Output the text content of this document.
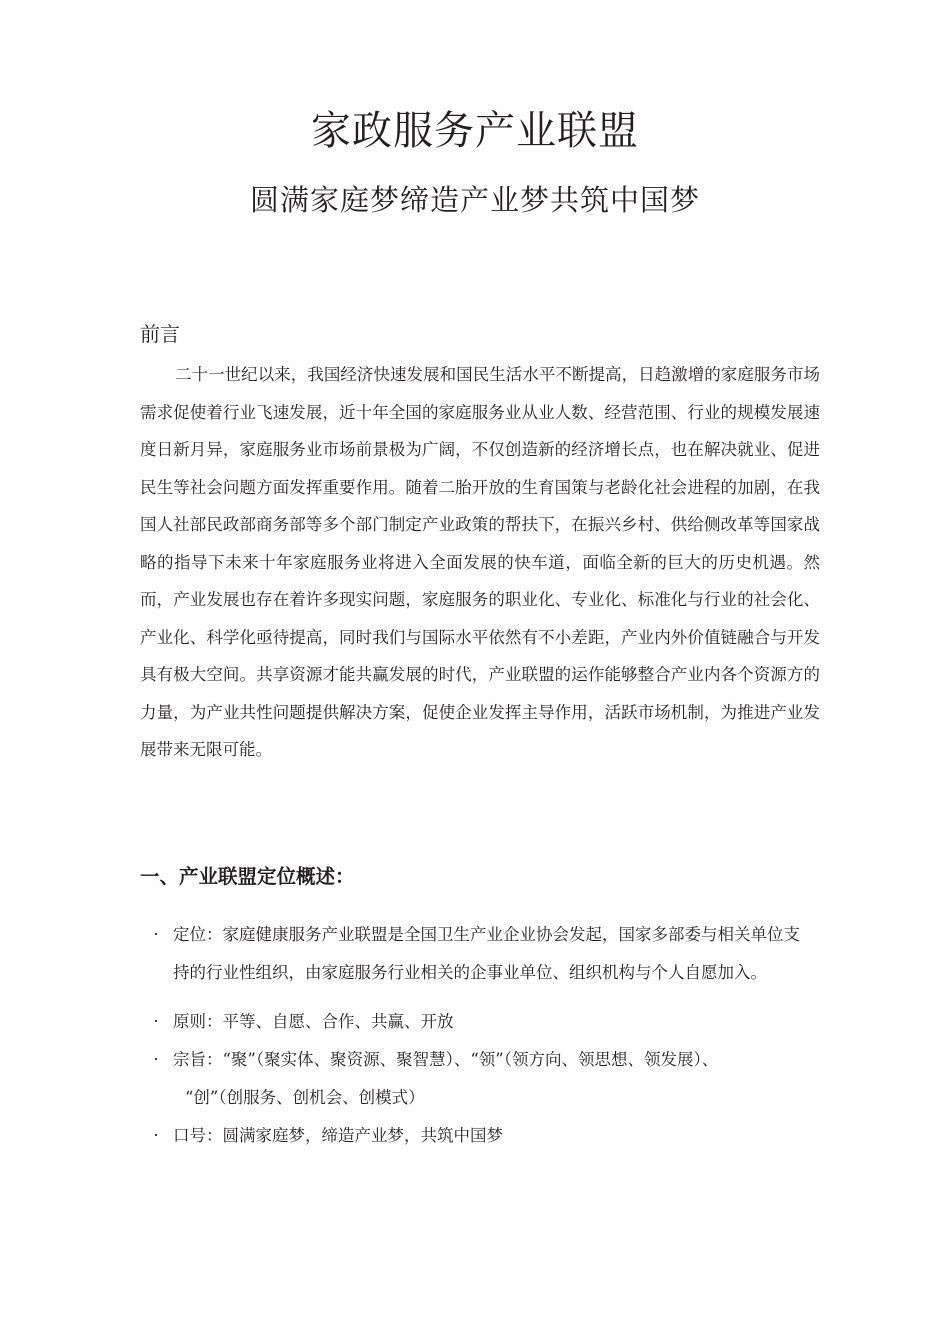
家政服务产业联盟
圆满家庭梦缔造产业梦共筑中国梦
前言

二十一世纪以来，我国经济快速发展和国民生活水平不断提高，日趋激增的家庭服务市场需求促使着行业飞速发展，近十年全国的家庭服务业从业人数、经营范围、行业的规模发展速度日新月异，家庭服务业市场前景极为广阔，不仅创造新的经济增长点，也在解决就业、促进民生等社会问题方面发挥重要作用。随着二胎开放的生育国策与老龄化社会进程的加剧，在我国人社部民政部商务部等多个部门制定产业政策的帮扶下，在振兴乡村、供给侧改革等国家战略的指导下未来十年家庭服务业将进入全面发展的快车道，面临全新的巨大的历史机遇。然而，产业发展也存在着许多现实问题，家庭服务的职业化、专业化、标准化与行业的社会化、产业化、科学化亟待提高，同时我们与国际水平依然有不小差距，产业内外价值链融合与开发具有极大空间。共享资源才能共赢发展的时代，产业联盟的运作能够整合产业内各个资源方的力量，为产业共性问题提供解决方案，促使企业发挥主导作用，活跃市场机制，为推进产业发展带来无限可能。

一、产业联盟定位概述：
· 定位：家庭健康服务产业联盟是全国卫生产业企业协会发起，国家多部委与相关单位支
持的行业性组织，由家庭服务行业相关的企事业单位、组织机构与个人自愿加入。
· 原则：平等、自愿、合作、共赢、开放
· 宗旨：“聚”（聚实体、聚资源、聚智慧）、“领”（领方向、领思想、领发展）、
“创”（创服务、创机会、创模式）
· 口号：圆满家庭梦，缔造产业梦，共筑中国梦
